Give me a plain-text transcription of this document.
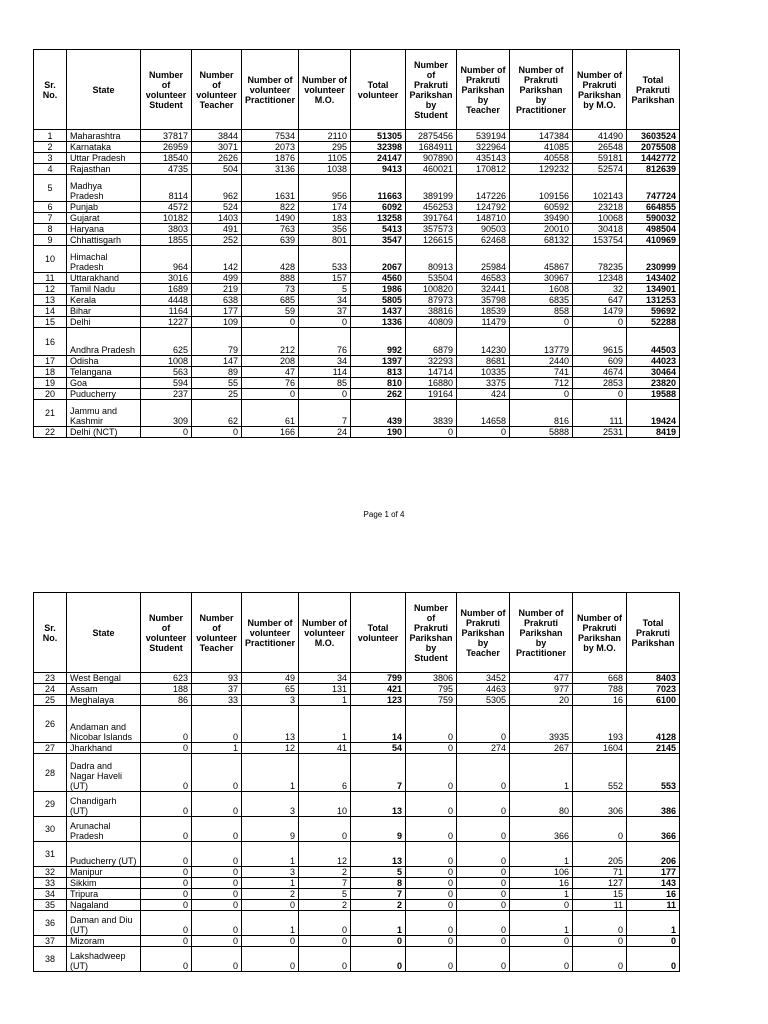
Sr. No.	State	Number of volunteer Student	Number of volunteer Teacher	Number of volunteer Practitioner	Number of volunteer M.O.	Total volunteer	Number of Prakruti Parikshan by Student	Number of Prakruti Parikshan by Teacher	Number of Prakruti Parikshan by Practitioner	Number of Prakruti Parikshan by M.O.	Total Prakruti Parikshan
1	Maharashtra	37817	3844	7534	2110	51305	2875456	539194	147384	41490	3603524
2	Karnataka	26959	3071	2073	295	32398	1684911	322964	41085	26548	2075508
3	Uttar Pradesh	18540	2626	1876	1105	24147	907890	435143	40558	59181	1442772
4	Rajasthan	4735	504	3136	1038	9413	460021	170812	129232	52574	812639
5	Madhya Pradesh	8114	962	1631	956	11663	389199	147226	109156	102143	747724
6	Punjab	4572	524	822	174	6092	456253	124792	60592	23218	664855
7	Gujarat	10182	1403	1490	183	13258	391764	148710	39490	10068	590032
8	Haryana	3803	491	763	356	5413	357573	90503	20010	30418	498504
9	Chhattisgarh	1855	252	639	801	3547	126615	62468	68132	153754	410969
10	Himachal Pradesh	964	142	428	533	2067	80913	25984	45867	78235	230999
11	Uttarakhand	3016	499	888	157	4560	53504	46583	30967	12348	143402
12	Tamil Nadu	1689	219	73	5	1986	100820	32441	1608	32	134901
13	Kerala	4448	638	685	34	5805	87973	35798	6835	647	131253
14	Bihar	1164	177	59	37	1437	38816	18539	858	1479	59692
15	Delhi	1227	109	0	0	1336	40809	11479	0	0	52288
16	Andhra Pradesh	625	79	212	76	992	6879	14230	13779	9615	44503
17	Odisha	1008	147	208	34	1397	32293	8681	2440	609	44023
18	Telangana	563	89	47	114	813	14714	10335	741	4674	30464
19	Goa	594	55	76	85	810	16880	3375	712	2853	23820
20	Puducherry	237	25	0	0	262	19164	424	0	0	19588
21	Jammu and Kashmir	309	62	61	7	439	3839	14658	816	111	19424
22	Delhi (NCT)	0	0	166	24	190	0	0	5888	2531	8419
Page 1 of 4
Sr. No.	State	Number of volunteer Student	Number of volunteer Teacher	Number of volunteer Practitioner	Number of volunteer M.O.	Total volunteer	Number of Prakruti Parikshan by Student	Number of Prakruti Parikshan by Teacher	Number of Prakruti Parikshan by Practitioner	Number of Prakruti Parikshan by M.O.	Total Prakruti Parikshan
23	West Bengal	623	93	49	34	799	3806	3452	477	668	8403
24	Assam	188	37	65	131	421	795	4463	977	788	7023
25	Meghalaya	86	33	3	1	123	759	5305	20	16	6100
26	Andaman and Nicobar Islands	0	0	13	1	14	0	0	3935	193	4128
27	Jharkhand	0	1	12	41	54	0	274	267	1604	2145
28	Dadra and Nagar Haveli (UT)	0	0	1	6	7	0	0	1	552	553
29	Chandigarh (UT)	0	0	3	10	13	0	0	80	306	386
30	Arunachal Pradesh	0	0	9	0	9	0	0	366	0	366
31	Puducherry (UT)	0	0	1	12	13	0	0	1	205	206
32	Manipur	0	0	3	2	5	0	0	106	71	177
33	Sikkim	0	0	1	7	8	0	0	16	127	143
34	Tripura	0	0	2	5	7	0	0	1	15	16
35	Nagaland	0	0	0	2	2	0	0	0	11	11
36	Daman and Diu (UT)	0	0	1	0	1	0	0	1	0	1
37	Mizoram	0	0	0	0	0	0	0	0	0	0
38	Lakshadweep (UT)	0	0	0	0	0	0	0	0	0	0
